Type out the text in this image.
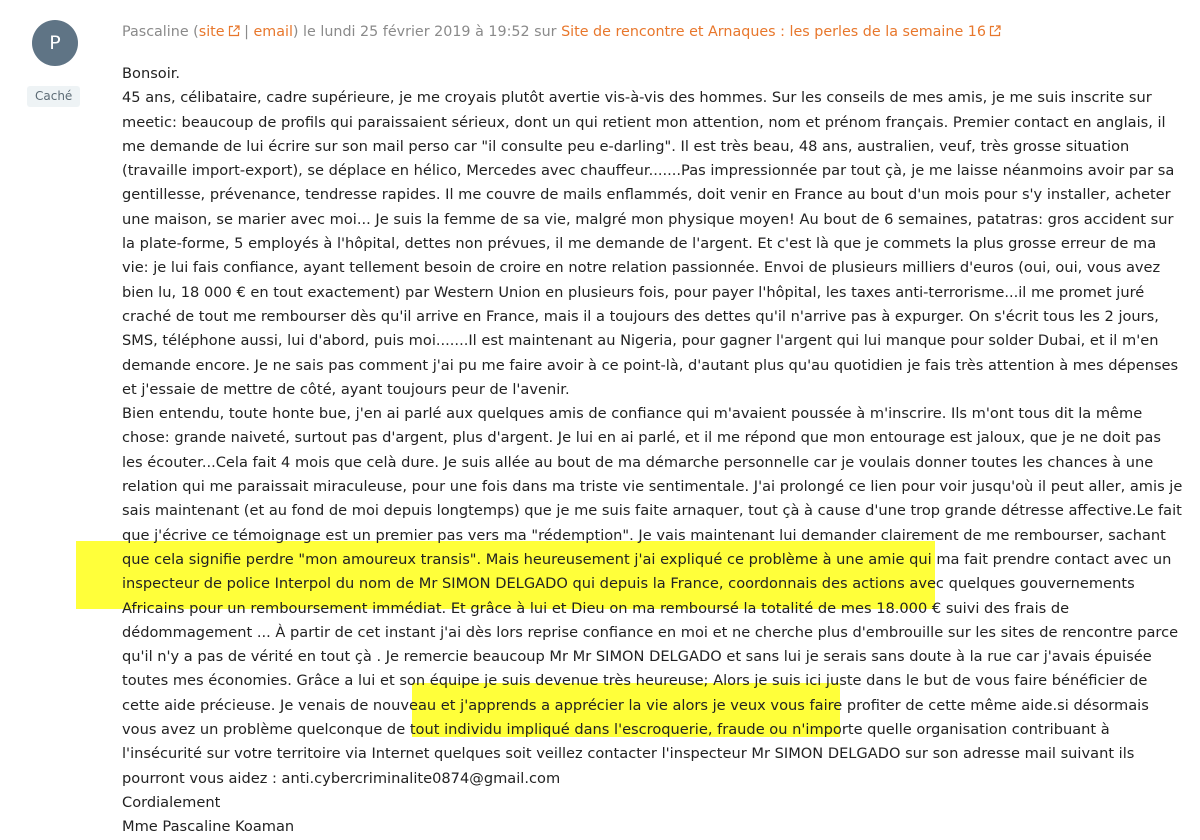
P
Caché
Pascaline (site | email) le lundi 25 février 2019 à 19:52 sur Site de rencontre et Arnaques : les perles de la semaine 16

Bonsoir.

45 ans, célibataire, cadre supérieure, je me croyais plutôt avertie vis-à-vis des hommes. Sur les conseils de mes amis, je me suis inscrite sur meetic: beaucoup de profils qui paraissaient sérieux, dont un qui retient mon attention, nom et prénom français. Premier contact en anglais, il me demande de lui écrire sur son mail perso car "il consulte peu e-darling". Il est très beau, 48 ans, australien, veuf, très grosse situation (travaille import-export), se déplace en hélico, Mercedes avec chauffeur.......Pas impressionnée par tout çà, je me laisse néanmoins avoir par sa gentillesse, prévenance, tendresse rapides. Il me couvre de mails enflammés, doit venir en France au bout d'un mois pour s'y installer, acheter une maison, se marier avec moi... Je suis la femme de sa vie, malgré mon physique moyen! Au bout de 6 semaines, patatras: gros accident sur la plate-forme, 5 employés à l'hôpital, dettes non prévues, il me demande de l'argent. Et c'est là que je commets la plus grosse erreur de ma vie: je lui fais confiance, ayant tellement besoin de croire en notre relation passionnée. Envoi de plusieurs milliers d'euros (oui, oui, vous avez bien lu, 18 000 € en tout exactement) par Western Union en plusieurs fois, pour payer l'hôpital, les taxes anti-terrorisme...il me promet juré craché de tout me rembourser dès qu'il arrive en France, mais il a toujours des dettes qu'il n'arrive pas à expurger. On s'écrit tous les 2 jours, SMS, téléphone aussi, lui d'abord, puis moi.......Il est maintenant au Nigeria, pour gagner l'argent qui lui manque pour solder Dubai, et il m'en demande encore. Je ne sais pas comment j'ai pu me faire avoir à ce point-là, d'autant plus qu'au quotidien je fais très attention à mes dépenses et j'essaie de mettre de côté, ayant toujours peur de l'avenir.

Bien entendu, toute honte bue, j'en ai parlé aux quelques amis de confiance qui m'avaient poussée à m'inscrire. Ils m'ont tous dit la même chose: grande naiveté, surtout pas d'argent, plus d'argent. Je lui en ai parlé, et il me répond que mon entourage est jaloux, que je ne doit pas les écouter...Cela fait 4 mois que celà dure. Je suis allée au bout de ma démarche personnelle car je voulais donner toutes les chances à une relation qui me paraissait miraculeuse, pour une fois dans ma triste vie sentimentale. J'ai prolongé ce lien pour voir jusqu'où il peut aller, amis je sais maintenant (et au fond de moi depuis longtemps) que je me suis faite arnaquer, tout çà à cause d'une trop grande détresse affective.Le fait que j'écrive ce témoignage est un premier pas vers ma "rédemption". Je vais maintenant lui demander clairement de me rembourser, sachant que cela signifie perdre "mon amoureux transis". Mais heureusement j'ai expliqué ce problème à une amie qui ma fait prendre contact avec un inspecteur de police Interpol du nom de Mr SIMON DELGADO qui depuis la France, coordonnais des actions avec quelques gouvernements Africains pour un remboursement immédiat. Et grâce à lui et Dieu on ma remboursé la totalité de mes 18.000 € suivi des frais de dédommagement ... À partir de cet instant j'ai dès lors reprise confiance en moi et ne cherche plus d'embrouille sur les sites de rencontre parce qu'il n'y a pas de vérité en tout çà . Je remercie beaucoup Mr Mr SIMON DELGADO et sans lui je serais sans doute à la rue car j'avais épuisée toutes mes économies. Grâce a lui et son équipe je suis devenue très heureuse; Alors je suis ici juste dans le but de vous faire bénéficier de cette aide précieuse. Je venais de nouveau et j'apprends a apprécier la vie alors je veux vous faire profiter de cette même aide.si désormais vous avez un problème quelconque de tout individu impliqué dans l'escroquerie, fraude ou n'importe quelle organisation contribuant à l'insécurité sur votre territoire via Internet quelques soit veillez contacter l'inspecteur Mr SIMON DELGADO sur son adresse mail suivant ils pourront vous aidez : anti.cybercriminalite0874@gmail.com

Cordialement

Mme Pascaline Koaman
